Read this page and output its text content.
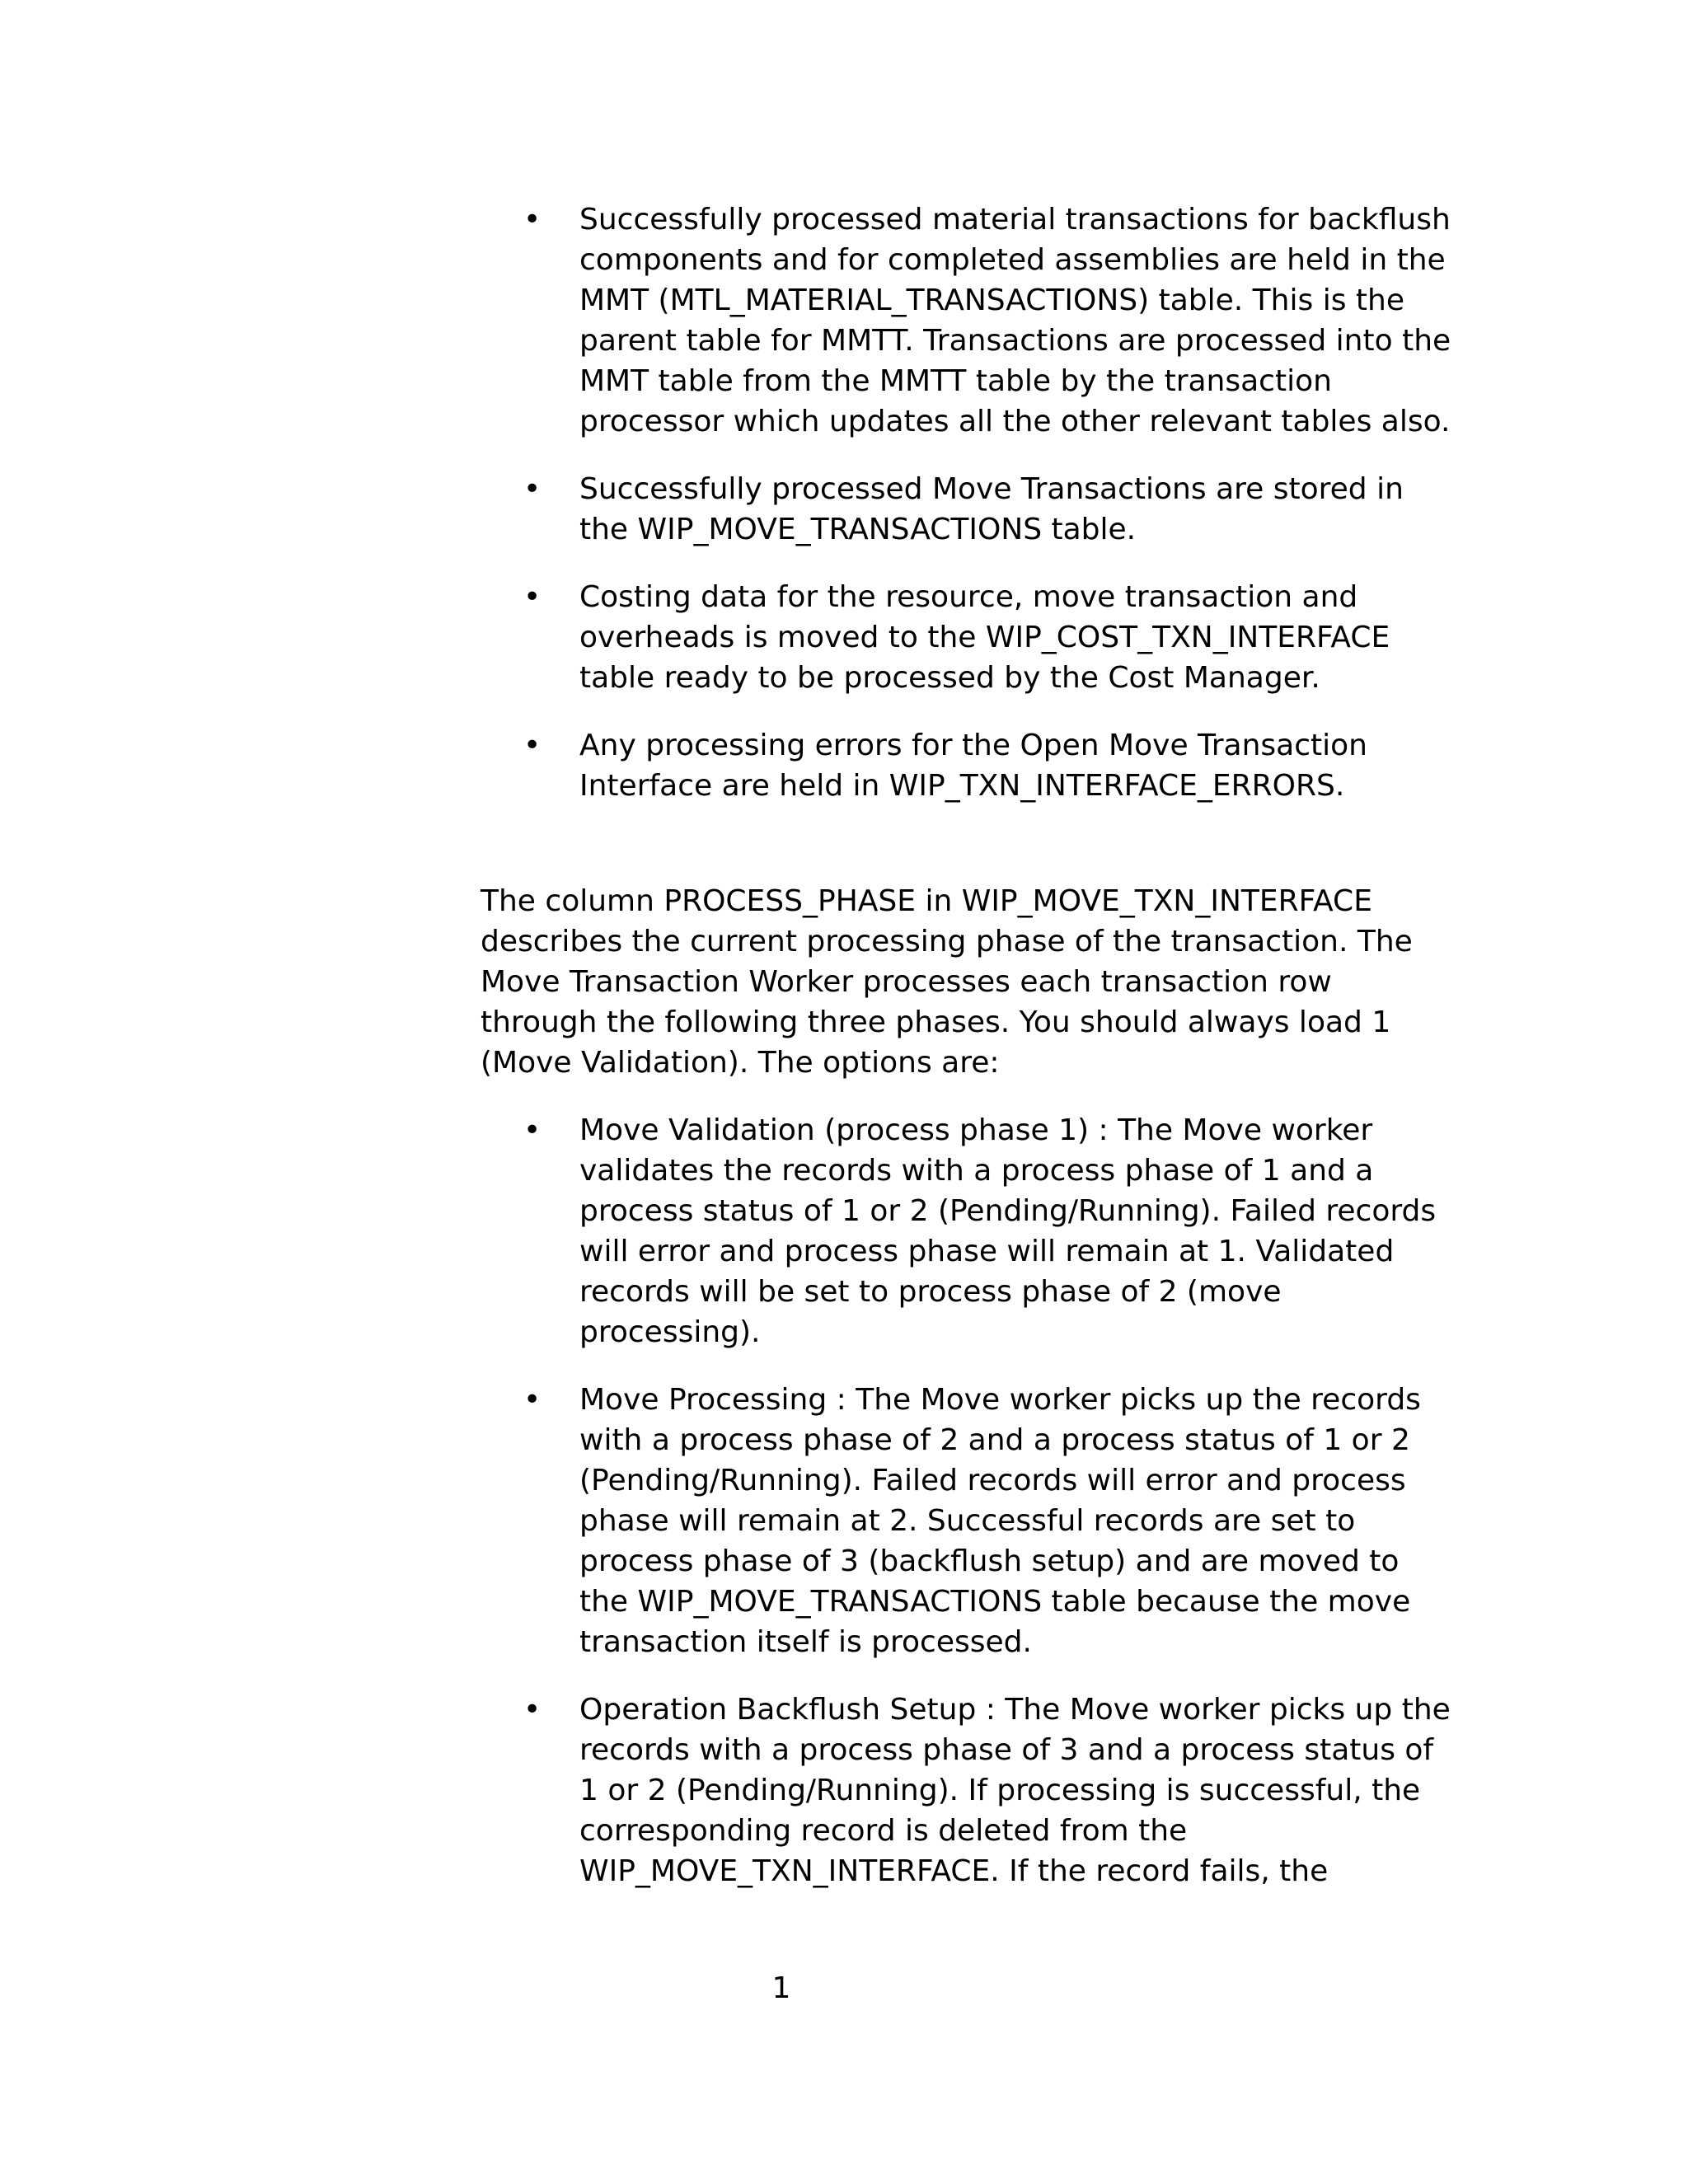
• Successfully processed material transactions for backflush components and for completed assemblies are held in the MMT (MTL_MATERIAL_TRANSACTIONS) table. This is the parent table for MMTT. Transactions are processed into the MMT table from the MMTT table by the transaction processor which updates all the other relevant tables also.
• Successfully processed Move Transactions are stored in the WIP_MOVE_TRANSACTIONS table.
• Costing data for the resource, move transaction and overheads is moved to the WIP_COST_TXN_INTERFACE table ready to be processed by the Cost Manager.
• Any processing errors for the Open Move Transaction Interface are held in WIP_TXN_INTERFACE_ERRORS.

The column PROCESS_PHASE in WIP_MOVE_TXN_INTERFACE describes the current processing phase of the transaction. The Move Transaction Worker processes each transaction row through the following three phases. You should always load 1 (Move Validation). The options are:

• Move Validation (process phase 1) : The Move worker validates the records with a process phase of 1 and a process status of 1 or 2 (Pending/Running). Failed records will error and process phase will remain at 1. Validated records will be set to process phase of 2 (move processing).
• Move Processing : The Move worker picks up the records with a process phase of 2 and a process status of 1 or 2 (Pending/Running). Failed records will error and process phase will remain at 2. Successful records are set to process phase of 3 (backflush setup) and are moved to the WIP_MOVE_TRANSACTIONS table because the move transaction itself is processed.
• Operation Backflush Setup : The Move worker picks up the records with a process phase of 3 and a process status of 1 or 2 (Pending/Running). If processing is successful, the corresponding record is deleted from the WIP_MOVE_TXN_INTERFACE. If the record fails, the
1
